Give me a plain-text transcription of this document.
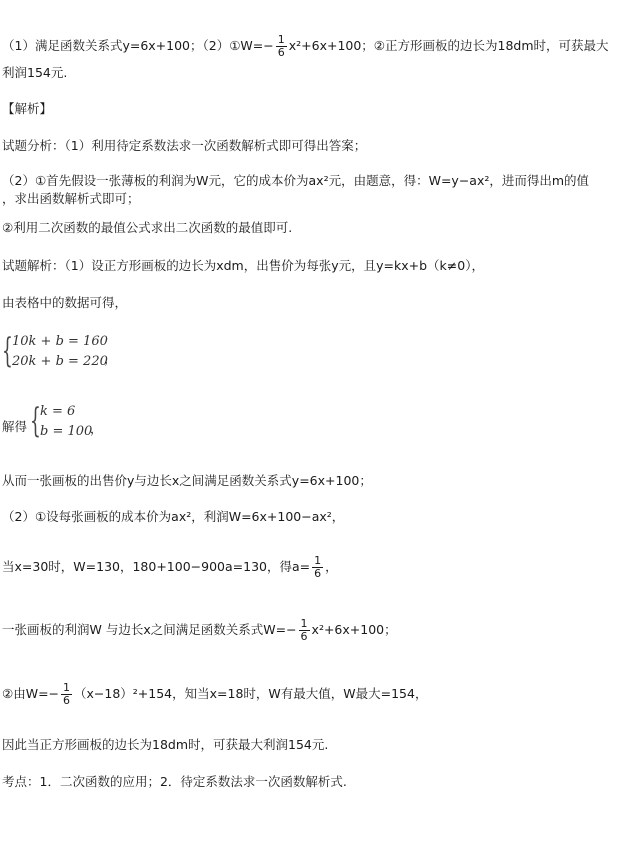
（1）满足函数关系式y=6x+100；（2）①W=− $\frac{1}{6} x^2+6x+100$；②正方形画板的边长为18dm时，可获最大
利润154元.
【解析】
试题分析：（1）利用待定系数法求一次函数解析式即可得出答案；
（2）①首先假设一张薄板的利润为W元，它的成本价为ax²元，由题意，得：W=y−ax²，进而得出m的值
，求出函数解析式即可；
②利用二次函数的最值公式求出二次函数的最值即可.
试题解析：（1）设正方形画板的边长为xdm，出售价为每张y元，且y=kx+b（k≠0），
由表格中的数据可得，
{ 10k + b = 160
20k + b = 220
，
解得 { k = 6
b = 100
，
从而一张画板的出售价y与边长x之间满足函数关系式y=6x+100；
（2）①设每张画板的成本价为ax²，利润W=6x+100−ax²，
当x=30时，W=130，180+100−900a=130，得$a= \frac{1}{6}$ ，
一张画板的利润W 与边长x之间满足函数关系式$W=- \frac{1}{6} x^2+6x+100$；
②由$W=- \frac{1}{6} (x-18)^2+154$，知当x=18时，W有最大值，W最大=154，
因此当正方形画板的边长为18dm时，可获最大利润154元.
考点：1．二次函数的应用；2．待定系数法求一次函数解析式.
